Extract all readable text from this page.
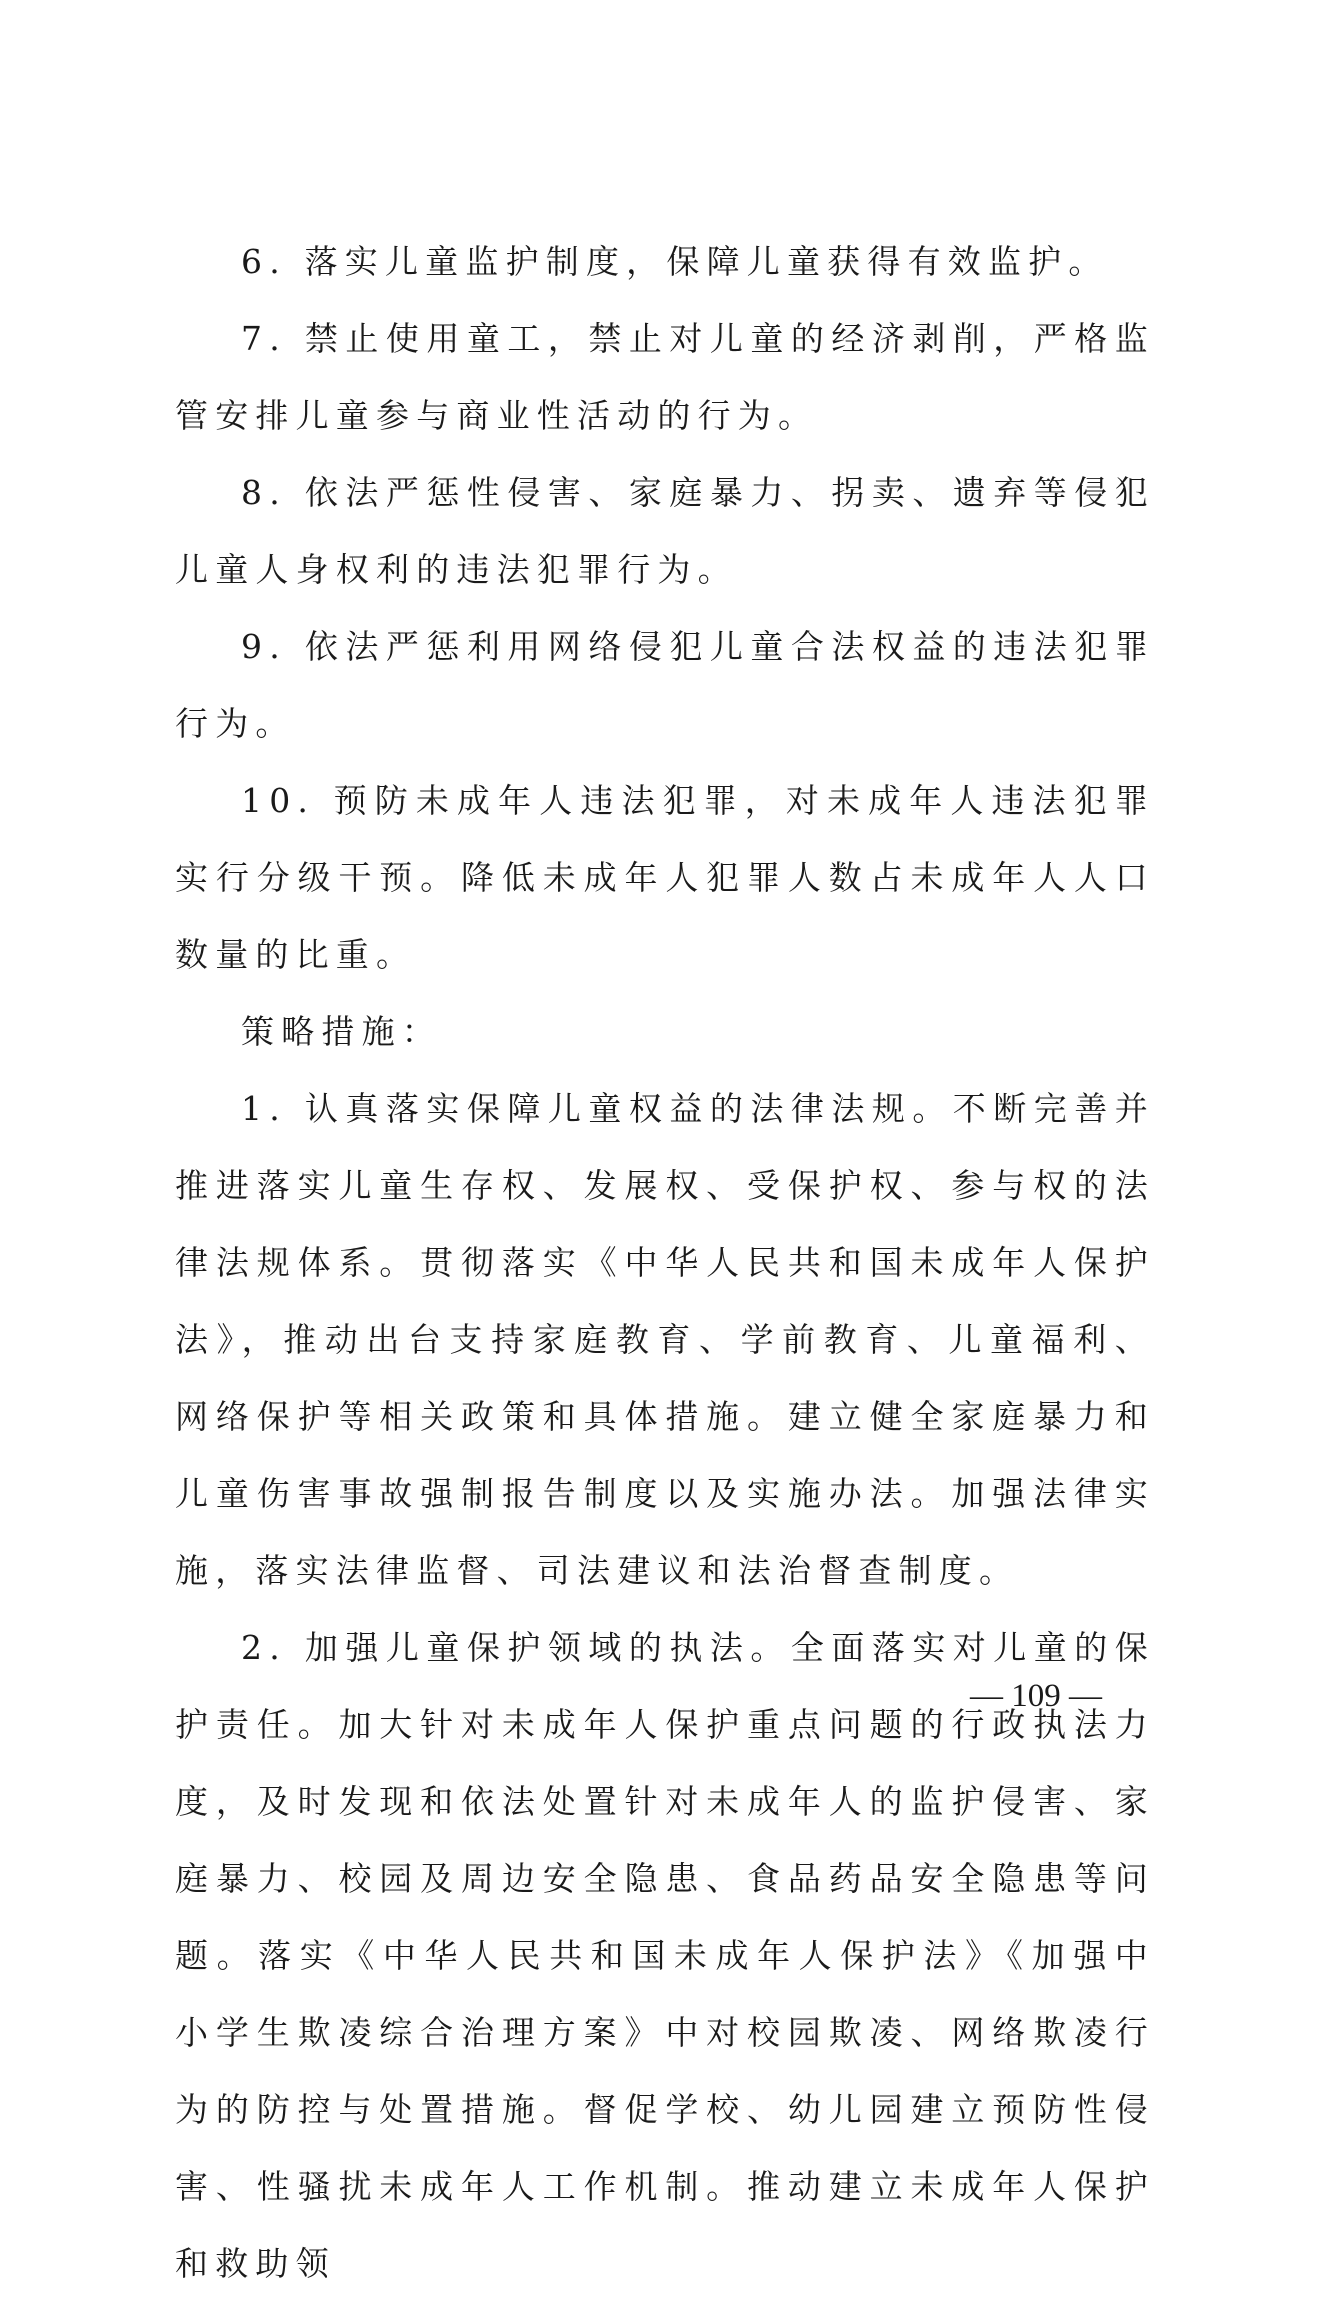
6. 落实儿童监护制度，保障儿童获得有效监护。

7. 禁止使用童工，禁止对儿童的经济剥削，严格监管安排儿童参与商业性活动的行为。

8. 依法严惩性侵害、家庭暴力、拐卖、遗弃等侵犯儿童人身权利的违法犯罪行为。

9. 依法严惩利用网络侵犯儿童合法权益的违法犯罪行为。

10. 预防未成年人违法犯罪，对未成年人违法犯罪实行分级干预。降低未成年人犯罪人数占未成年人人口数量的比重。

策略措施：

1. 认真落实保障儿童权益的法律法规。不断完善并推进落实儿童生存权、发展权、受保护权、参与权的法律法规体系。贯彻落实《中华人民共和国未成年人保护法》，推动出台支持家庭教育、学前教育、儿童福利、网络保护等相关政策和具体措施。建立健全家庭暴力和儿童伤害事故强制报告制度以及实施办法。加强法律实施，落实法律监督、司法建议和法治督查制度。

2. 加强儿童保护领域的执法。全面落实对儿童的保护责任。加大针对未成年人保护重点问题的行政执法力度，及时发现和依法处置针对未成年人的监护侵害、家庭暴力、校园及周边安全隐患、食品药品安全隐患等问题。落实《中华人民共和国未成年人保护法》《加强中小学生欺凌综合治理方案》中对校园欺凌、网络欺凌行为的防控与处置措施。督促学校、幼儿园建立预防性侵害、性骚扰未成年人工作机制。推动建立未成年人保护和救助领

— 109 —
